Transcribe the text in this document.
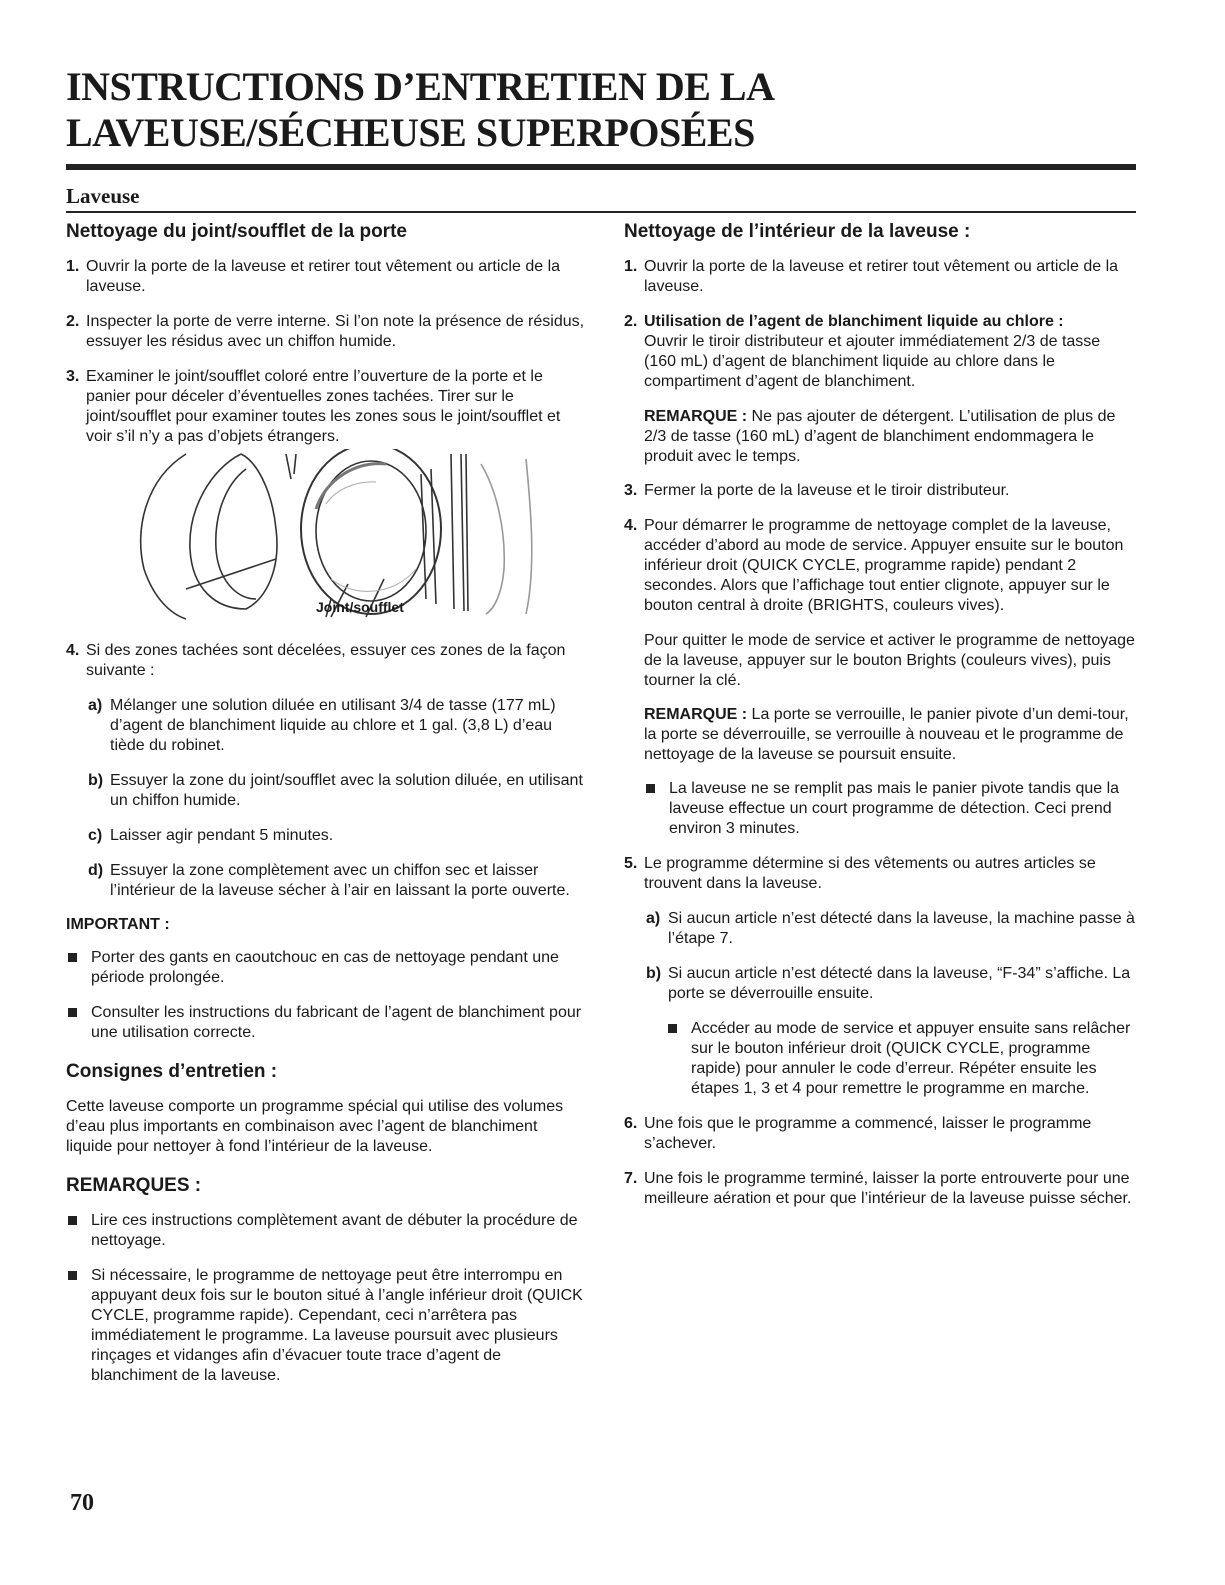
INSTRUCTIONS D’ENTRETIEN DE LA LAVEUSE/SÉCHEUSE SUPERPOSÉES
Laveuse
Nettoyage du joint/soufflet de la porte
1. Ouvrir la porte de la laveuse et retirer tout vêtement ou article de la laveuse.
2. Inspecter la porte de verre interne. Si l’on note la présence de résidus, essuyer les résidus avec un chiffon humide.
3. Examiner le joint/soufflet coloré entre l’ouverture de la porte et le panier pour déceler d’éventuelles zones tachées. Tirer sur le joint/soufflet pour examiner toutes les zones sous le joint/soufflet et voir s’il n’y a pas d’objets étrangers.
Joint/soufflet
4. Si des zones tachées sont décelées, essuyer ces zones de la façon suivante :
a) Mélanger une solution diluée en utilisant 3/4 de tasse (177 mL) d’agent de blanchiment liquide au chlore et 1 gal. (3,8 L) d’eau tiède du robinet.
b) Essuyer la zone du joint/soufflet avec la solution diluée, en utilisant un chiffon humide.
c) Laisser agir pendant 5 minutes.
d) Essuyer la zone complètement avec un chiffon sec et laisser l’intérieur de la laveuse sécher à l’air en laissant la porte ouverte.
IMPORTANT :
Porter des gants en caoutchouc en cas de nettoyage pendant une période prolongée.
Consulter les instructions du fabricant de l’agent de blanchiment pour une utilisation correcte.
Consignes d’entretien :

Cette laveuse comporte un programme spécial qui utilise des volumes d’eau plus importants en combinaison avec l’agent de blanchiment liquide pour nettoyer à fond l’intérieur de la laveuse.

REMARQUES :
Lire ces instructions complètement avant de débuter la procédure de nettoyage.
Si nécessaire, le programme de nettoyage peut être interrompu en appuyant deux fois sur le bouton situé à l’angle inférieur droit (QUICK CYCLE, programme rapide). Cependant, ceci n’arrêtera pas immédiatement le programme. La laveuse poursuit avec plusieurs rinçages et vidanges afin d’évacuer toute trace d’agent de blanchiment de la laveuse.
Nettoyage de l’intérieur de la laveuse :
1. Ouvrir la porte de la laveuse et retirer tout vêtement ou article de la laveuse.
2. Utilisation de l’agent de blanchiment liquide au chlore :
Ouvrir le tiroir distributeur et ajouter immédiatement 2/3 de tasse (160 mL) d’agent de blanchiment liquide au chlore dans le compartiment d’agent de blanchiment.

REMARQUE : Ne pas ajouter de détergent. L’utilisation de plus de 2/3 de tasse (160 mL) d’agent de blanchiment endommagera le produit avec le temps.

3. Fermer la porte de la laveuse et le tiroir distributeur.
4. Pour démarrer le programme de nettoyage complet de la laveuse, accéder d’abord au mode de service. Appuyer ensuite sur le bouton inférieur droit (QUICK CYCLE, programme rapide) pendant 2 secondes. Alors que l’affichage tout entier clignote, appuyer sur le bouton central à droite (BRIGHTS, couleurs vives).

Pour quitter le mode de service et activer le programme de nettoyage de la laveuse, appuyer sur le bouton Brights (couleurs vives), puis tourner la clé.

REMARQUE : La porte se verrouille, le panier pivote d’un demi-tour, la porte se déverrouille, se verrouille à nouveau et le programme de nettoyage de la laveuse se poursuit ensuite.

La laveuse ne se remplit pas mais le panier pivote tandis que la laveuse effectue un court programme de détection. Ceci prend environ 3 minutes.
5. Le programme détermine si des vêtements ou autres articles se trouvent dans la laveuse.
a) Si aucun article n’est détecté dans la laveuse, la machine passe à l’étape 7.
b) Si aucun article n’est détecté dans la laveuse, “F-34” s’affiche. La porte se déverrouille ensuite.
Accéder au mode de service et appuyer ensuite sans relâcher sur le bouton inférieur droit (QUICK CYCLE, programme rapide) pour annuler le code d’erreur. Répéter ensuite les étapes 1, 3 et 4 pour remettre le programme en marche.
6. Une fois que le programme a commencé, laisser le programme s’achever.
7. Une fois le programme terminé, laisser la porte entrouverte pour une meilleure aération et pour que l’intérieur de la laveuse puisse sécher.
70
